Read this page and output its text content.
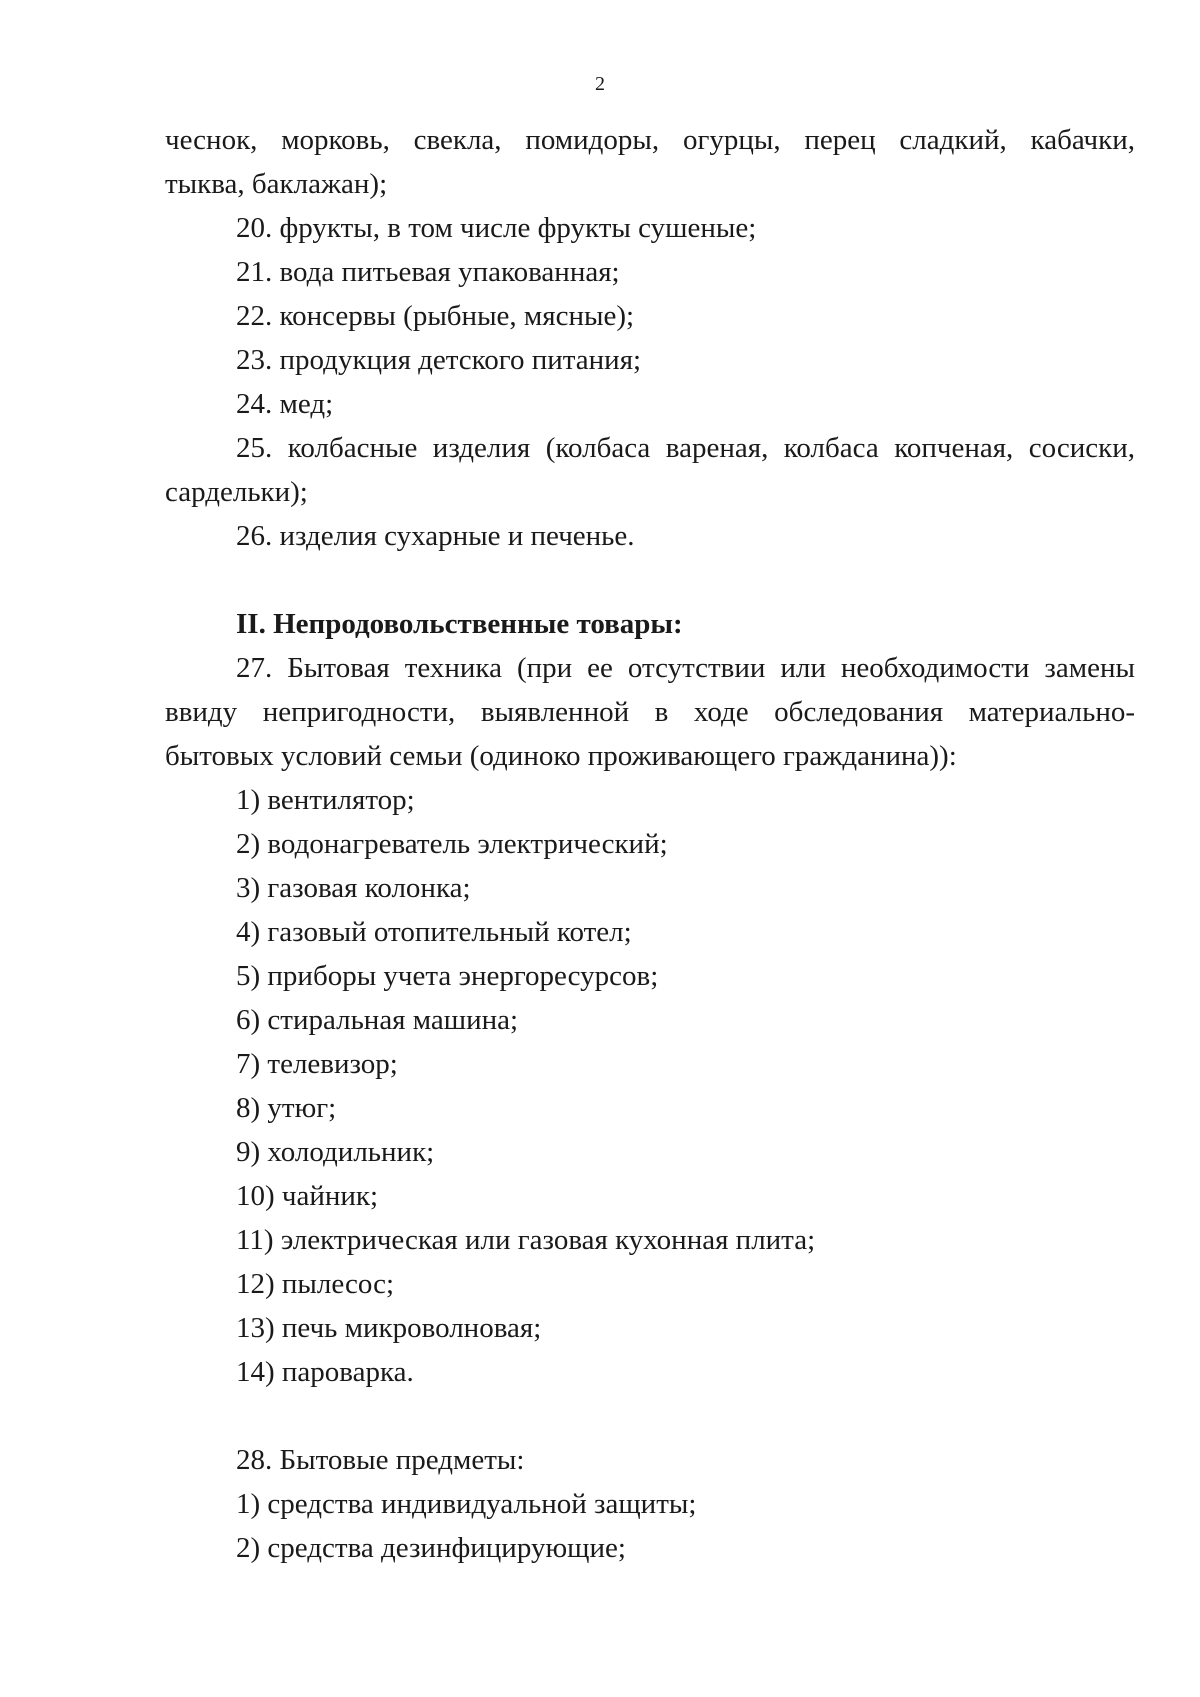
2
чеснок, морковь, свекла, помидоры, огурцы, перец сладкий, кабачки,
тыква, баклажан);
20. фрукты, в том числе фрукты сушеные;
21. вода питьевая упакованная;
22. консервы (рыбные, мясные);
23. продукция детского питания;
24. мед;
25. колбасные изделия (колбаса вареная, колбаса копченая, сосиски,
сардельки);
26. изделия сухарные и печенье.
II. Непродовольственные товары:
27. Бытовая техника (при ее отсутствии или необходимости замены
ввиду непригодности, выявленной в ходе обследования материально-
бытовых условий семьи (одиноко проживающего гражданина)):
1) вентилятор;
2) водонагреватель электрический;
3) газовая колонка;
4) газовый отопительный котел;
5) приборы учета энергоресурсов;
6) стиральная машина;
7) телевизор;
8) утюг;
9) холодильник;
10) чайник;
11) электрическая или газовая кухонная плита;
12) пылесос;
13) печь микроволновая;
14) пароварка.
28. Бытовые предметы:
1) средства индивидуальной защиты;
2) средства дезинфицирующие;
